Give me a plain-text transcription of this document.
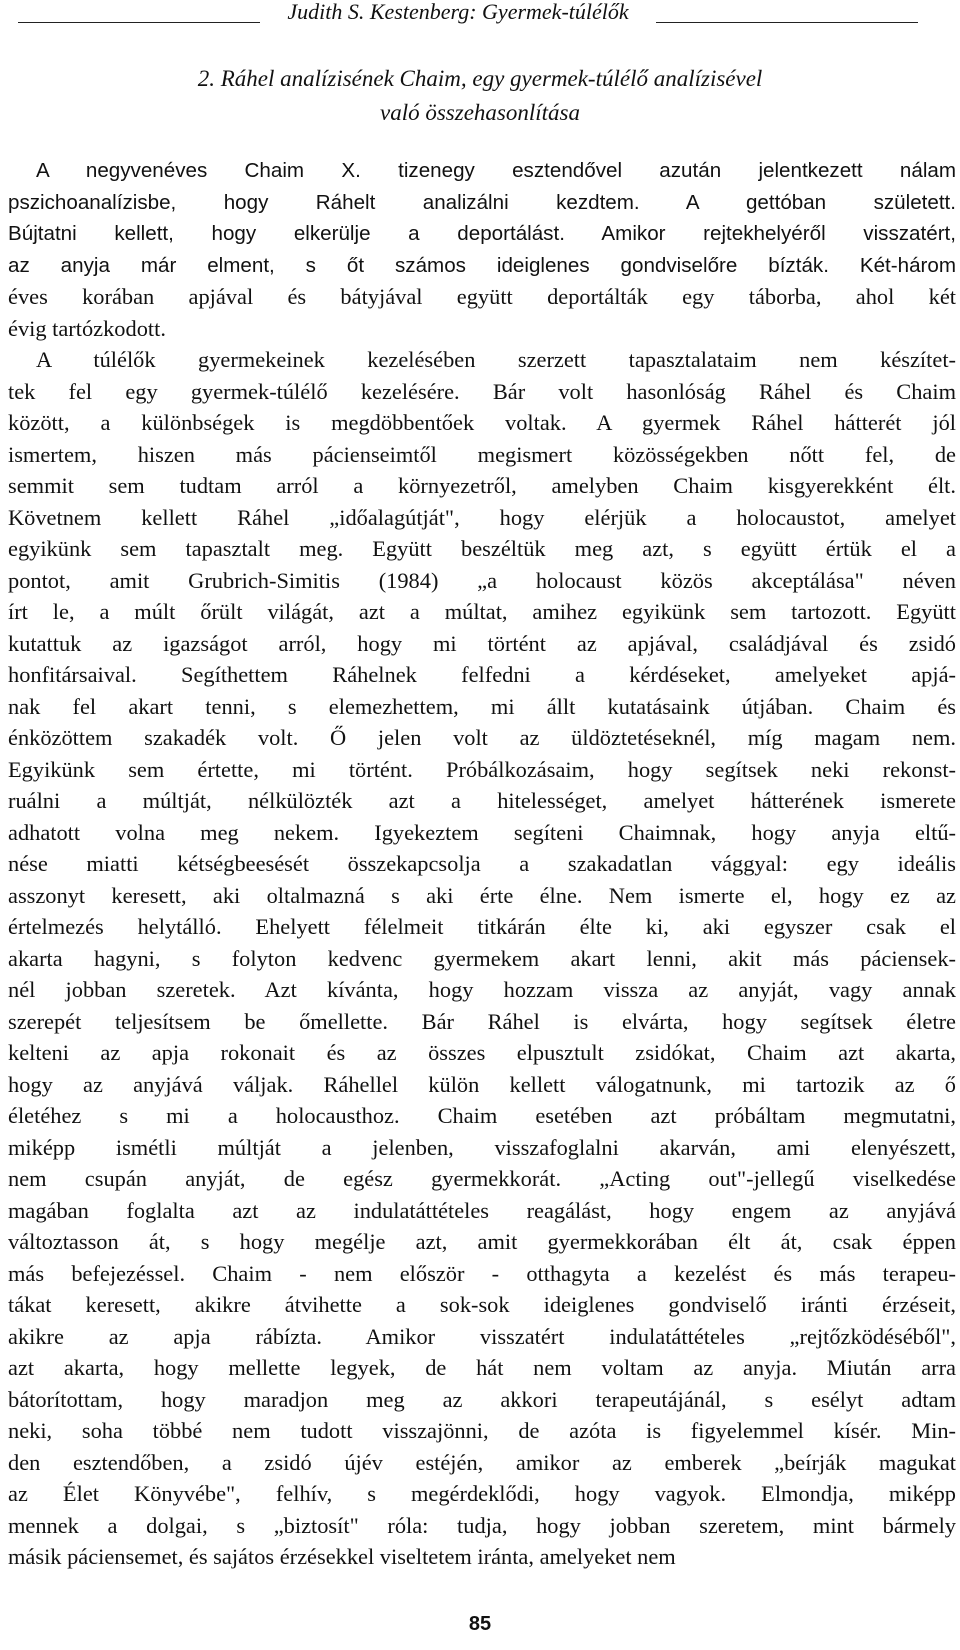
Judith S. Kestenberg: Gyermek-túlélők
2. Ráhel analízisének Chaim, egy gyermek-túlélő analízisével
való összehasonlítása
A negyvenéves Chaim X. tizenegy esztendővel azután jelentkezett nálam
pszichoanalízisbe, hogy Ráhelt analizálni kezdtem. A gettóban született.
Bújtatni kellett, hogy elkerülje a deportálást. Amikor rejtekhelyéről visszatért,
az anyja már elment, s őt számos ideiglenes gondviselőre bízták. Két-három
éves korában apjával és bátyjával együtt deportálták egy táborba, ahol két
évig tartózkodott.
A túlélők gyermekeinek kezelésében szerzett tapasztalataim nem készítet-
tek fel egy gyermek-túlélő kezelésére. Bár volt hasonlóság Ráhel és Chaim
között, a különbségek is megdöbbentőek voltak. A gyermek Ráhel hátterét jól
ismertem, hiszen más pácienseimtől megismert közösségekben nőtt fel, de
semmit sem tudtam arról a környezetről, amelyben Chaim kisgyerekként élt.
Követnem kellett Ráhel „időalagútját", hogy elérjük a holocaustot, amelyet
egyikünk sem tapasztalt meg. Együtt beszéltük meg azt, s együtt értük el a
pontot, amit Grubrich-Simitis (1984) „a holocaust közös akceptálása" néven
írt le, a múlt őrült világát, azt a múltat, amihez egyikünk sem tartozott. Együtt
kutattuk az igazságot arról, hogy mi történt az apjával, családjával és zsidó
honfitársaival. Segíthettem Ráhelnek felfedni a kérdéseket, amelyeket apjá-
nak fel akart tenni, s elemezhettem, mi állt kutatásaink útjában. Chaim és
énközöttem szakadék volt. Ő jelen volt az üldöztetéseknél, míg magam nem.
Egyikünk sem értette, mi történt. Próbálkozásaim, hogy segítsek neki rekonst-
ruálni a múltját, nélkülözték azt a hitelességet, amelyet hátterének ismerete
adhatott volna meg nekem. Igyekeztem segíteni Chaimnak, hogy anyja eltű-
nése miatti kétségbeesését összekapcsolja a szakadatlan vággyal: egy ideális
asszonyt keresett, aki oltalmazná s aki érte élne. Nem ismerte el, hogy ez az
értelmezés helytálló. Ehelyett félelmeit titkárán élte ki, aki egyszer csak el
akarta hagyni, s folyton kedvenc gyermekem akart lenni, akit más páciensek-
nél jobban szeretek. Azt kívánta, hogy hozzam vissza az anyját, vagy annak
szerepét teljesítsem be őmellette. Bár Ráhel is elvárta, hogy segítsek életre
kelteni az apja rokonait és az összes elpusztult zsidókat, Chaim azt akarta,
hogy az anyjává váljak. Ráhellel külön kellett válogatnunk, mi tartozik az ő
életéhez s mi a holocausthoz. Chaim esetében azt próbáltam megmutatni,
miképp ismétli múltját a jelenben, visszafoglalni akarván, ami elenyészett,
nem csupán anyját, de egész gyermekkorát. „Acting out"-jellegű viselkedése
magában foglalta azt az indulatáttételes reagálást, hogy engem az anyjává
változtasson át, s hogy megélje azt, amit gyermekkorában élt át, csak éppen
más befejezéssel. Chaim - nem először - otthagyta a kezelést és más terapeu-
tákat keresett, akikre átvihette a sok-sok ideiglenes gondviselő iránti érzéseit,
akikre az apja rábízta. Amikor visszatért indulatáttételes „rejtőzködéséből",
azt akarta, hogy mellette legyek, de hát nem voltam az anyja. Miután arra
bátorítottam, hogy maradjon meg az akkori terapeutájánál, s esélyt adtam
neki, soha többé nem tudott visszajönni, de azóta is figyelemmel kísér. Min-
den esztendőben, a zsidó újév estéjén, amikor az emberek „beírják magukat
az Élet Könyvébe", felhív, s megérdeklődi, hogy vagyok. Elmondja, miképp
mennek a dolgai, s „biztosít" róla: tudja, hogy jobban szeretem, mint bármely
másik páciensemet, és sajátos érzésekkel viseltetem iránta, amelyeket nem
85
